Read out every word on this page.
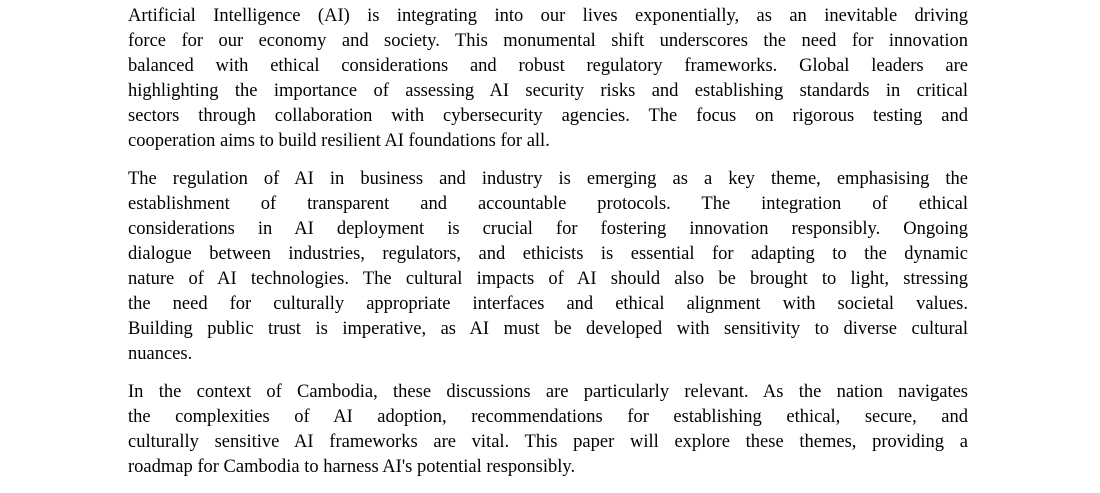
Artificial Intelligence (AI) is integrating into our lives exponentially, as an inevitable driving
force for our economy and society. This monumental shift underscores the need for innovation
balanced with ethical considerations and robust regulatory frameworks. Global leaders are
highlighting the importance of assessing AI security risks and establishing standards in critical
sectors through collaboration with cybersecurity agencies. The focus on rigorous testing and
cooperation aims to build resilient AI foundations for all.
The regulation of AI in business and industry is emerging as a key theme, emphasising the
establishment of transparent and accountable protocols. The integration of ethical
considerations in AI deployment is crucial for fostering innovation responsibly. Ongoing
dialogue between industries, regulators, and ethicists is essential for adapting to the dynamic
nature of AI technologies. The cultural impacts of AI should also be brought to light, stressing
the need for culturally appropriate interfaces and ethical alignment with societal values.
Building public trust is imperative, as AI must be developed with sensitivity to diverse cultural
nuances.
In the context of Cambodia, these discussions are particularly relevant. As the nation navigates
the complexities of AI adoption, recommendations for establishing ethical, secure, and
culturally sensitive AI frameworks are vital. This paper will explore these themes, providing a
roadmap for Cambodia to harness AI's potential responsibly.
